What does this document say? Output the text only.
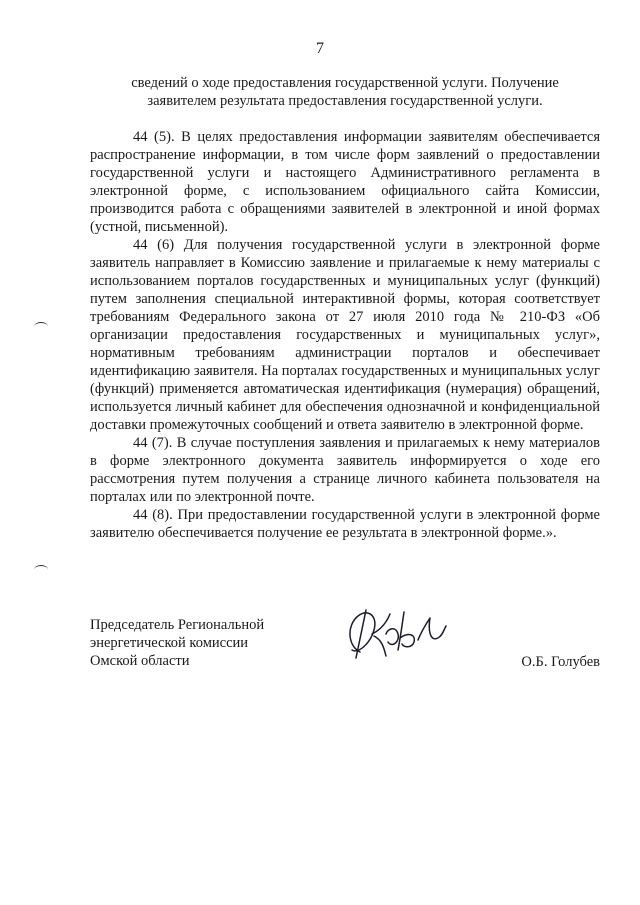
7
сведений о ходе предоставления государственной услуги. Получение
заявителем результата предоставления государственной услуги.

44 (5). В целях предоставления информации заявителям обеспечивается распространение информации, в том числе форм заявлений о предоставлении государственной услуги и настоящего Административного регламента в электронной форме, с использованием официального сайта Комиссии, производится работа с обращениями заявителей в электронной и иной формах (устной, письменной).

44 (6) Для получения государственной услуги в электронной форме заявитель направляет в Комиссию заявление и прилагаемые к нему материалы с использованием порталов государственных и муниципальных услуг (функций) путем заполнения специальной интерактивной формы, которая соответствует требованиям Федерального закона от 27 июля 2010 года № 210-ФЗ «Об организации предоставления государственных и муниципальных услуг», нормативным требованиям администрации порталов и обеспечивает идентификацию заявителя. На порталах государственных и муниципальных услуг (функций) применяется автоматическая идентификация (нумерация) обращений, используется личный кабинет для обеспечения однозначной и конфиденциальной доставки промежуточных сообщений и ответа заявителю в электронной форме.

44 (7). В случае поступления заявления и прилагаемых к нему материалов в форме электронного документа заявитель информируется о ходе его рассмотрения путем получения а странице личного кабинета пользователя на порталах или по электронной почте.

44 (8). При предоставлении государственной услуги в электронной форме заявителю обеспечивается получение ее результата в электронной форме.».

Председатель Региональной
энергетической комиссии
Омской области	О.Б. Голубев
